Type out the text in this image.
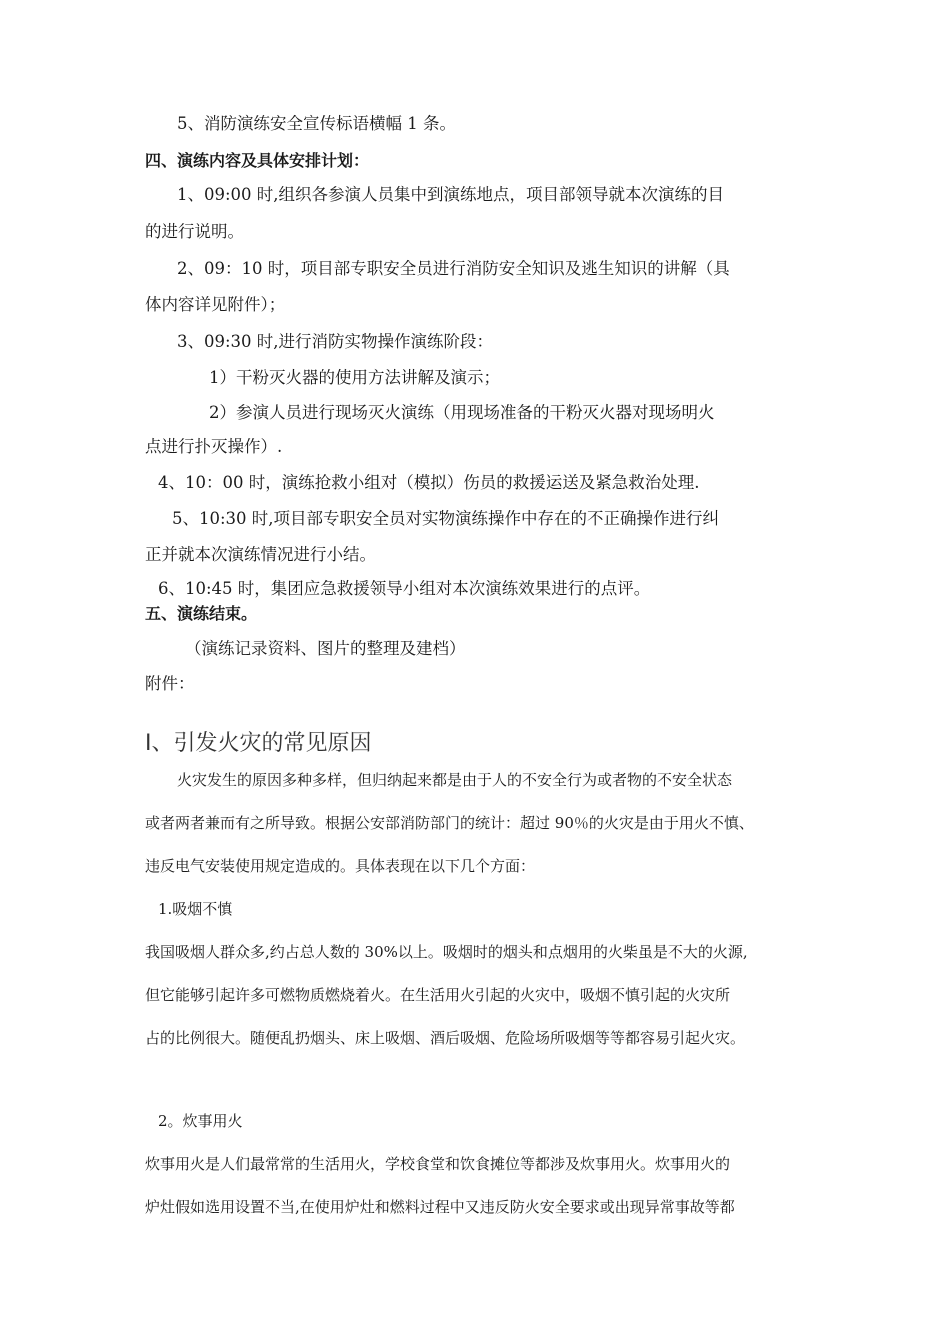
5、消防演练安全宣传标语横幅 1 条。
四、演练内容及具体安排计划：
1、09:00 时,组织各参演人员集中到演练地点，项目部领导就本次演练的目
的进行说明。
2、09：10 时，项目部专职安全员进行消防安全知识及逃生知识的讲解（具
体内容详见附件）；
3、09:30 时,进行消防实物操作演练阶段：
1）干粉灭火器的使用方法讲解及演示；
2）参演人员进行现场灭火演练（用现场准备的干粉灭火器对现场明火
点进行扑灭操作）.
4、10：00 时，演练抢救小组对（模拟）伤员的救援运送及紧急救治处理.
5、10:30 时,项目部专职安全员对实物演练操作中存在的不正确操作进行纠
正并就本次演练情况进行小结。
6、10:45 时，集团应急救援领导小组对本次演练效果进行的点评。
五、演练结束。
（演练记录资料、图片的整理及建档）
附件：
Ⅰ、引发火灾的常见原因
火灾发生的原因多种多样，但归纳起来都是由于人的不安全行为或者物的不安全状态
或者两者兼而有之所导致。根据公安部消防部门的统计：超过 90％的火灾是由于用火不慎、
违反电气安装使用规定造成的。具体表现在以下几个方面：
1.吸烟不慎
我国吸烟人群众多,约占总人数的 30%以上。吸烟时的烟头和点烟用的火柴虽是不大的火源,
但它能够引起许多可燃物质燃烧着火。在生活用火引起的火灾中，吸烟不慎引起的火灾所
占的比例很大。随便乱扔烟头、床上吸烟、酒后吸烟、危险场所吸烟等等都容易引起火灾。
2。炊事用火
炊事用火是人们最常常的生活用火，学校食堂和饮食摊位等都涉及炊事用火。炊事用火的
炉灶假如选用设置不当,在使用炉灶和燃料过程中又违反防火安全要求或出现异常事故等都
